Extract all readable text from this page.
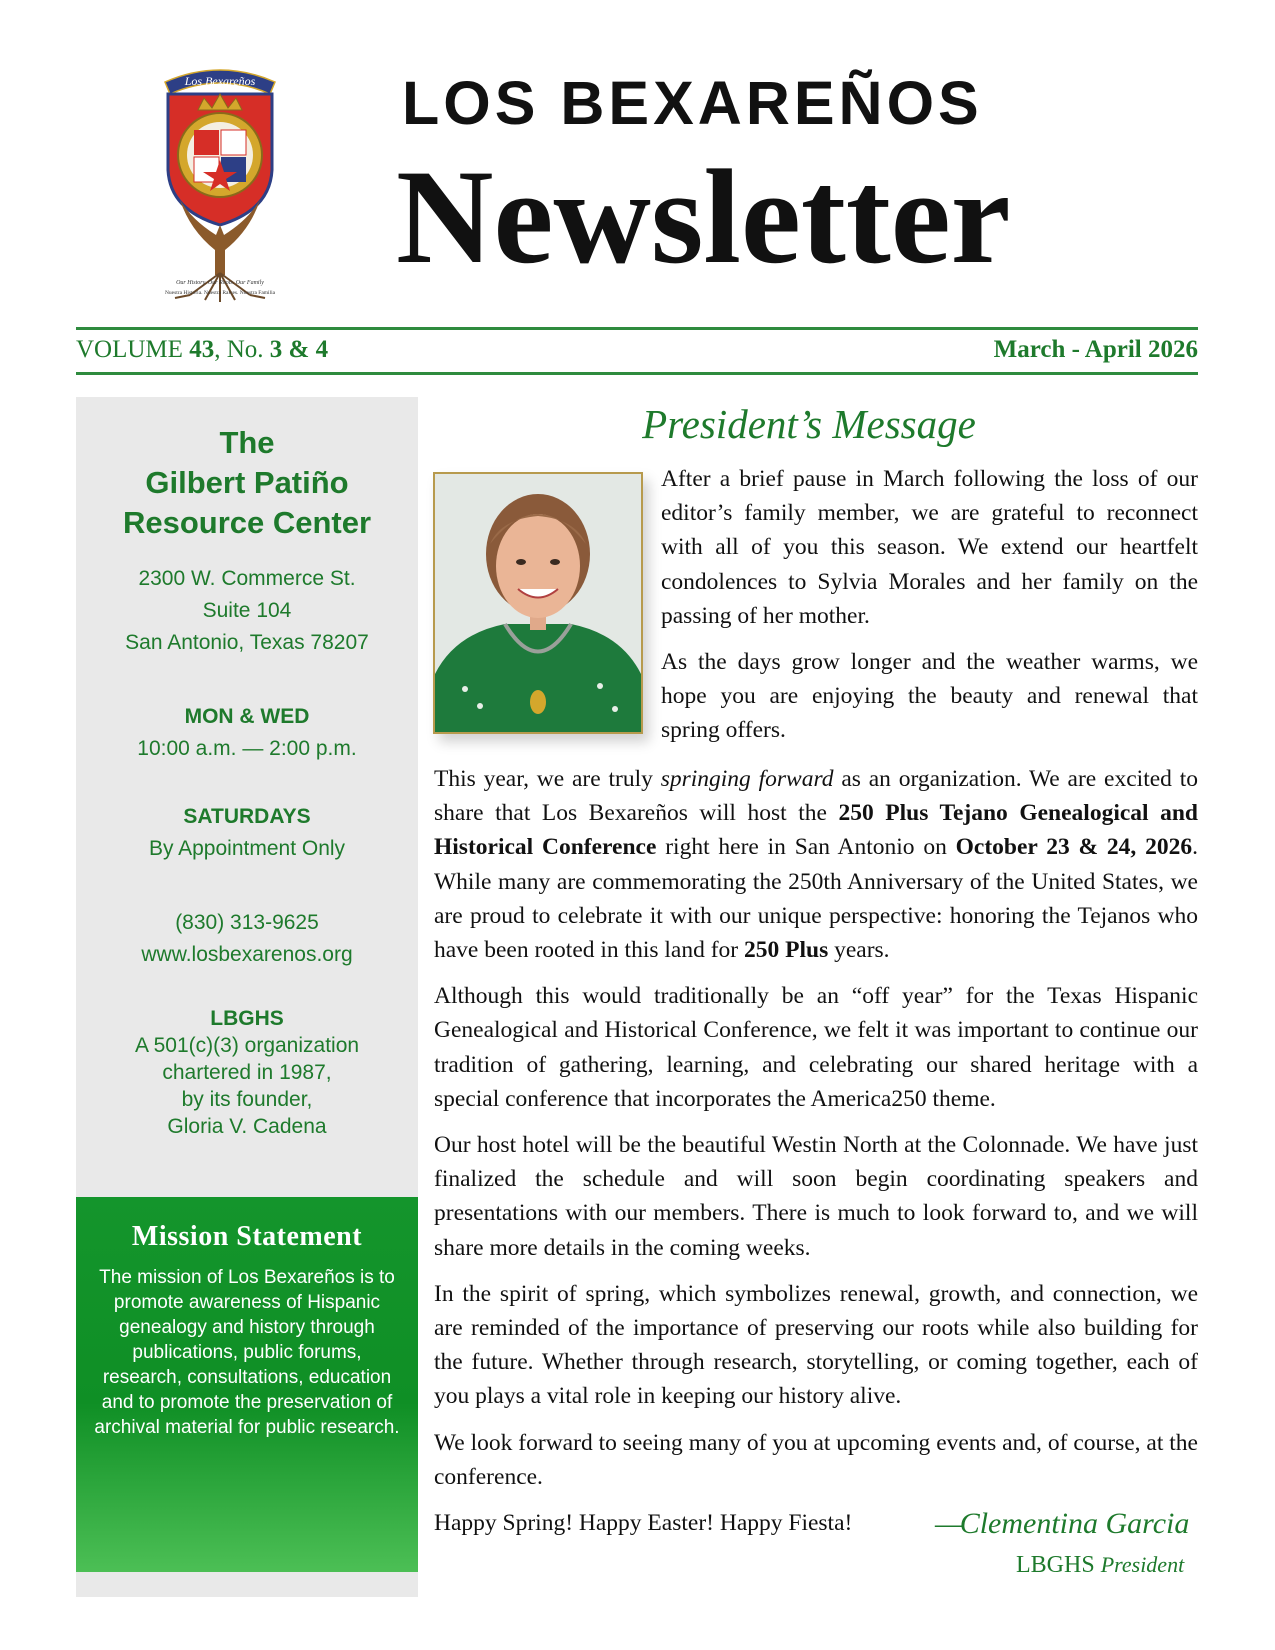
Los Bexareños
Our History. Our Roots. Our Family
Nuestra Historia. Nuestra Raices. Nuestra Familia
LOS BEXAREÑOS
Newsletter
VOLUME 43, No. 3 & 4	March - April 2026
The
Gilbert Patiño
Resource Center
2300 W. Commerce St.
Suite 104
San Antonio, Texas 78207
MON & WED
10:00 a.m. — 2:00 p.m.
SATURDAYS
By Appointment Only
(830) 313-9625
www.losbexarenos.org
LBGHS
A 501(c)(3) organization
chartered in 1987,
by its founder,
Gloria V. Cadena
Mission Statement

The mission of Los Bexareños is to promote awareness of Hispanic genealogy and history through publications, public forums, research, consultations, education and to promote the preservation of archival material for public research.

President’s Message

After a brief pause in March following the loss of our editor’s family member, we are grateful to reconnect with all of you this season. We extend our heartfelt condolences to Sylvia Morales and her family on the passing of her mother.

As the days grow longer and the weather warms, we hope you are enjoying the beauty and renewal that spring offers.

This year, we are truly springing forward as an organization. We are excited to share that Los Bexareños will host the 250 Plus Tejano Genealogical and Historical Conference right here in San Antonio on October 23 & 24, 2026. While many are commemorating the 250th Anniversary of the United States, we are proud to celebrate it with our unique perspective: honoring the Tejanos who have been rooted in this land for 250 Plus years.

Although this would traditionally be an “off year” for the Texas Hispanic Genealogical and Historical Conference, we felt it was important to continue our tradition of gathering, learning, and celebrating our shared heritage with a special conference that incorporates the America250 theme.

Our host hotel will be the beautiful Westin North at the Colonnade. We have just finalized the schedule and will soon begin coordinating speakers and presentations with our members. There is much to look forward to, and we will share more details in the coming weeks.

In the spirit of spring, which symbolizes renewal, growth, and connection, we are reminded of the importance of preserving our roots while also building for the future. Whether through research, storytelling, or coming together, each of you plays a vital role in keeping our history alive.

We look forward to seeing many of you at upcoming events and, of course, at the conference.

Happy Spring! Happy Easter! Happy Fiesta!	—Clementina Garcia
LBGHS President
